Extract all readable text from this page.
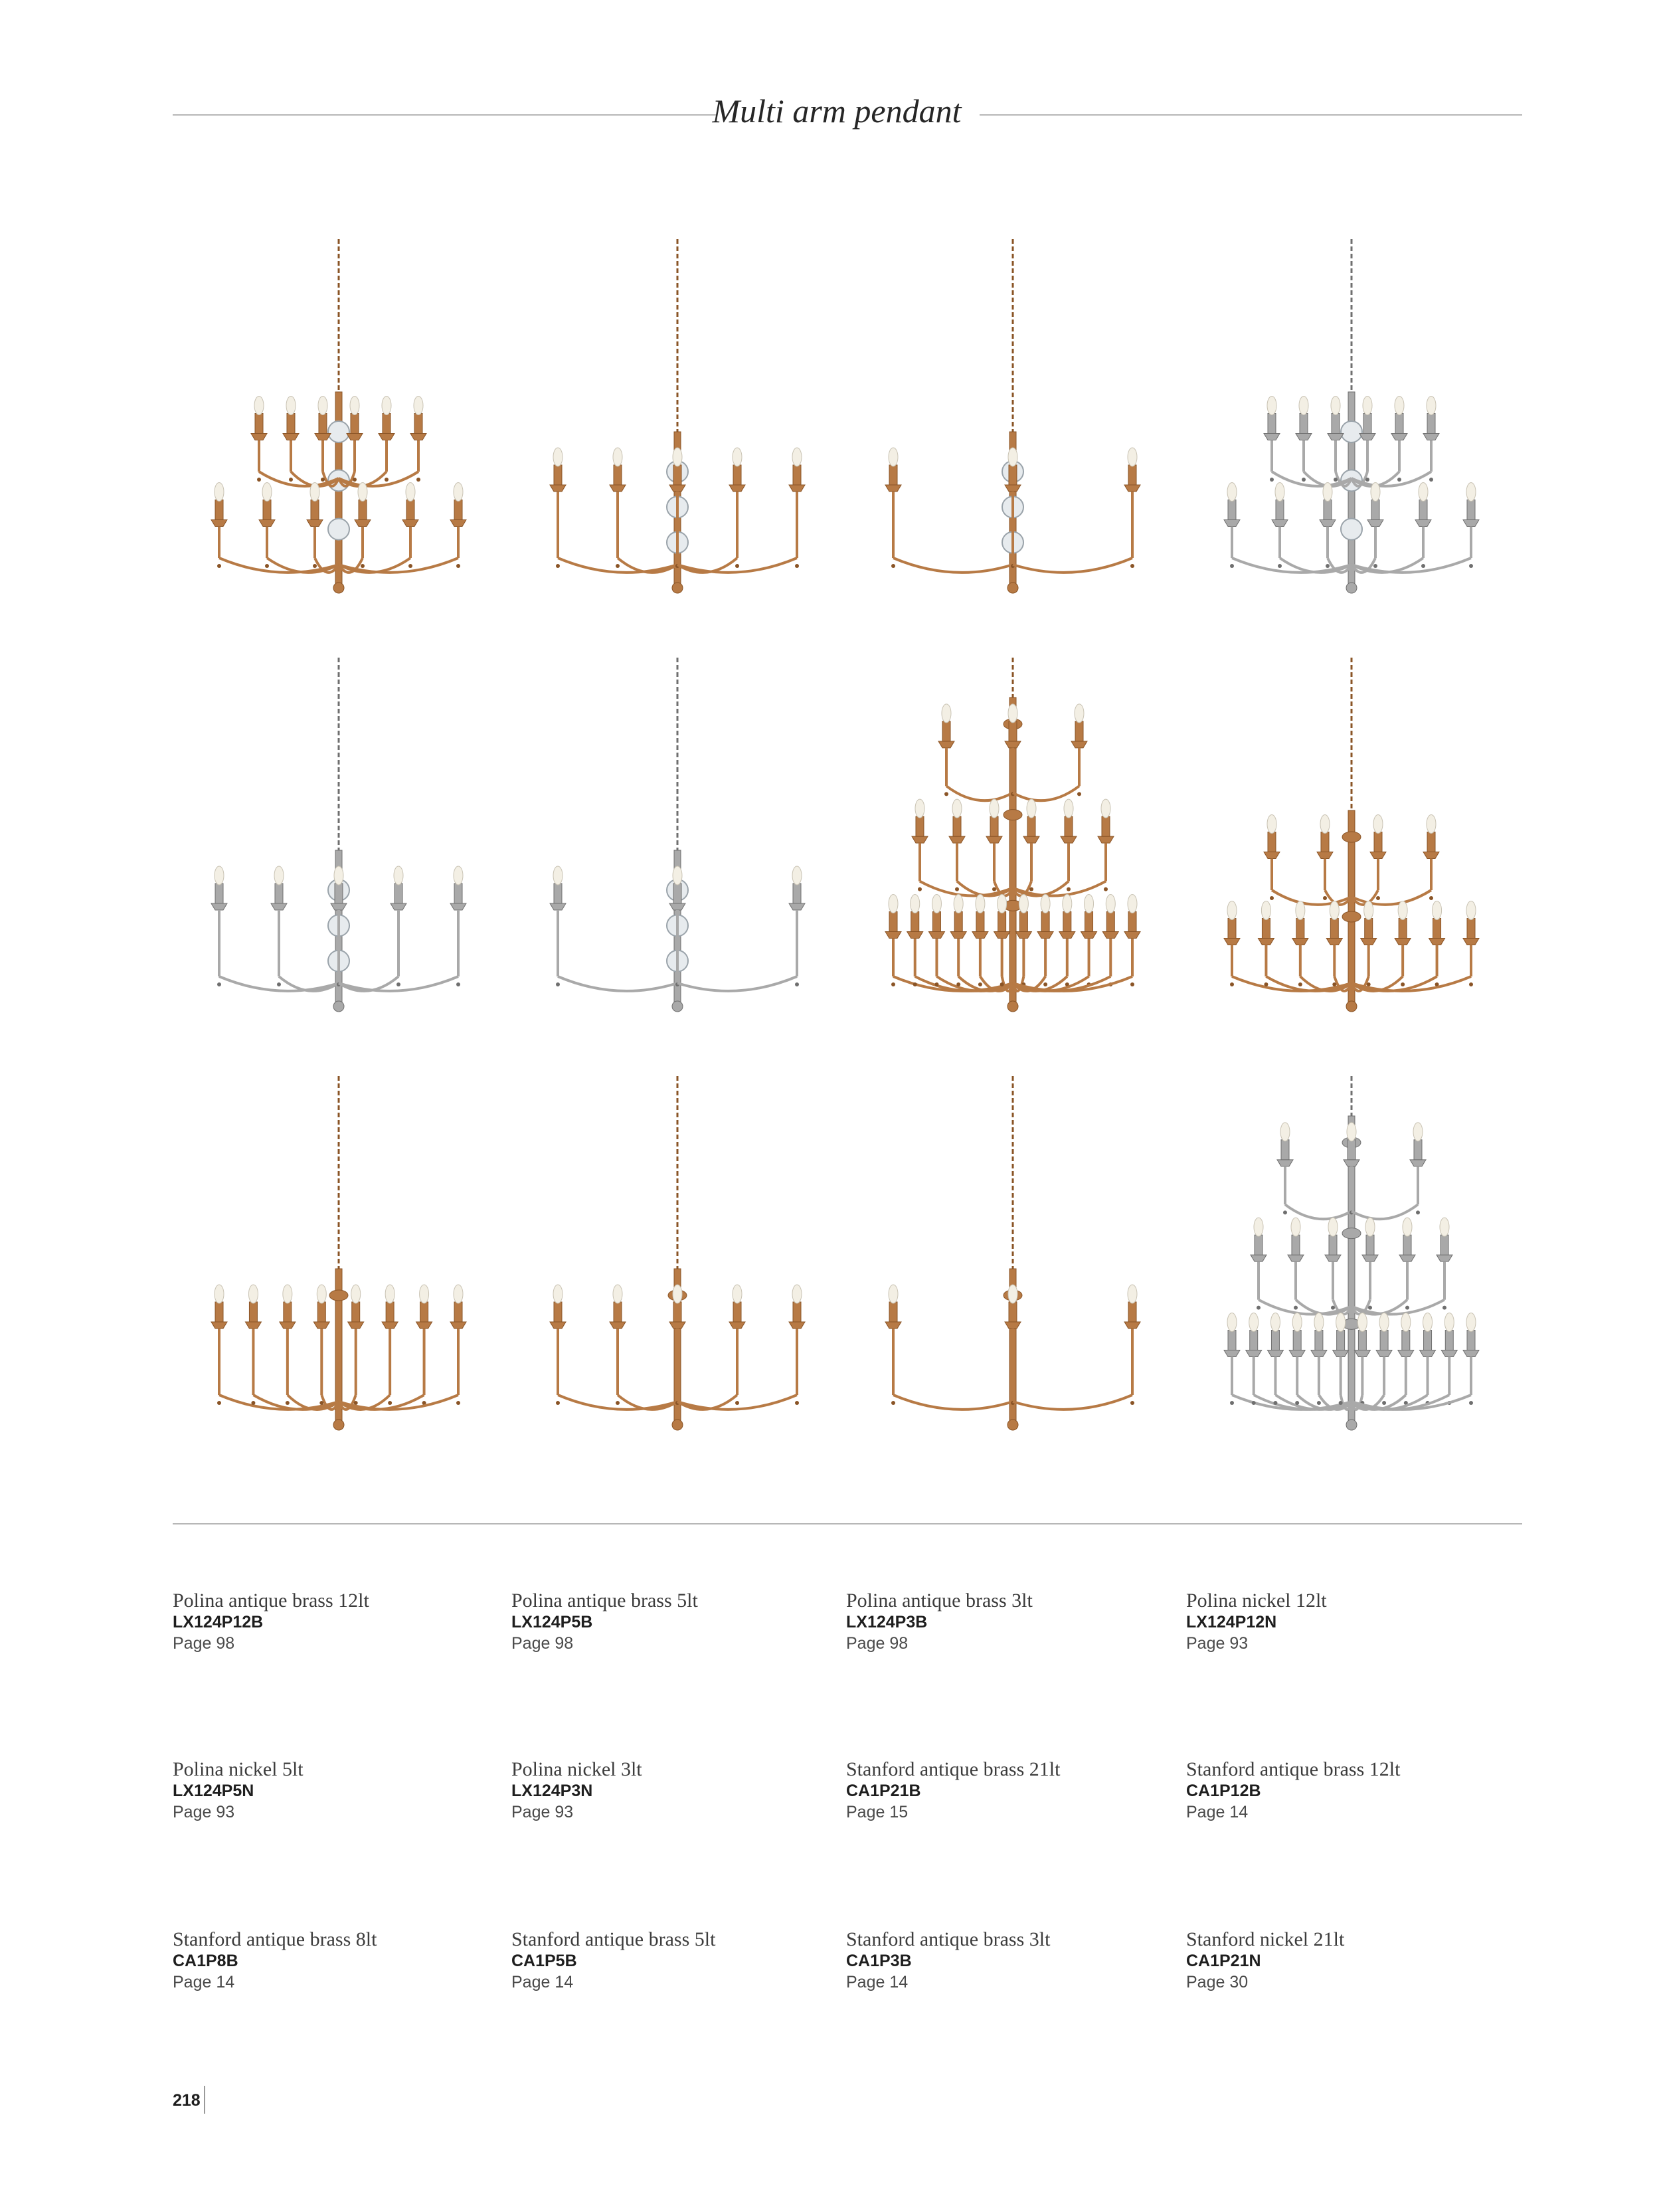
Multi arm pendant
Polina antique brass 12lt
LX124P12B
Page 98
Polina antique brass 5lt
LX124P5B
Page 98
Polina antique brass 3lt
LX124P3B
Page 98
Polina nickel 12lt
LX124P12N
Page 93
Polina nickel 5lt
LX124P5N
Page 93
Polina nickel 3lt
LX124P3N
Page 93
Stanford antique brass 21lt
CA1P21B
Page 15
Stanford antique brass 12lt
CA1P12B
Page 14
Stanford antique brass 8lt
CA1P8B
Page 14
Stanford antique brass 5lt
CA1P5B
Page 14
Stanford antique brass 3lt
CA1P3B
Page 14
Stanford nickel 21lt
CA1P21N
Page 30
218
